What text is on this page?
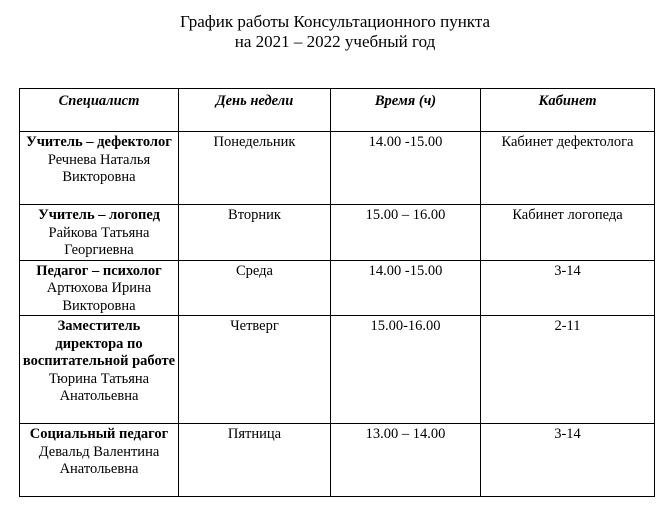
График работы Консультационного пункта
на 2021 – 2022 учебный год
Специалист	День недели	Время (ч)	Кабинет

Учитель – дефектолог
Речнева Наталья Викторовна	Понедельник	14.00 -15.00	Кабинет дефектолога

Учитель – логопед
Райкова Татьяна Георгиевна	Вторник	15.00 – 16.00	Кабинет логопеда

Педагог – психолог
Артюхова Ирина Викторовна	Среда	14.00 -15.00	3-14

Заместитель директора по воспитательной работе
Тюрина Татьяна Анатольевна	Четверг	15.00-16.00	2-11

Социальный педагог
Девальд Валентина Анатольевна	Пятница	13.00 – 14.00	3-14
